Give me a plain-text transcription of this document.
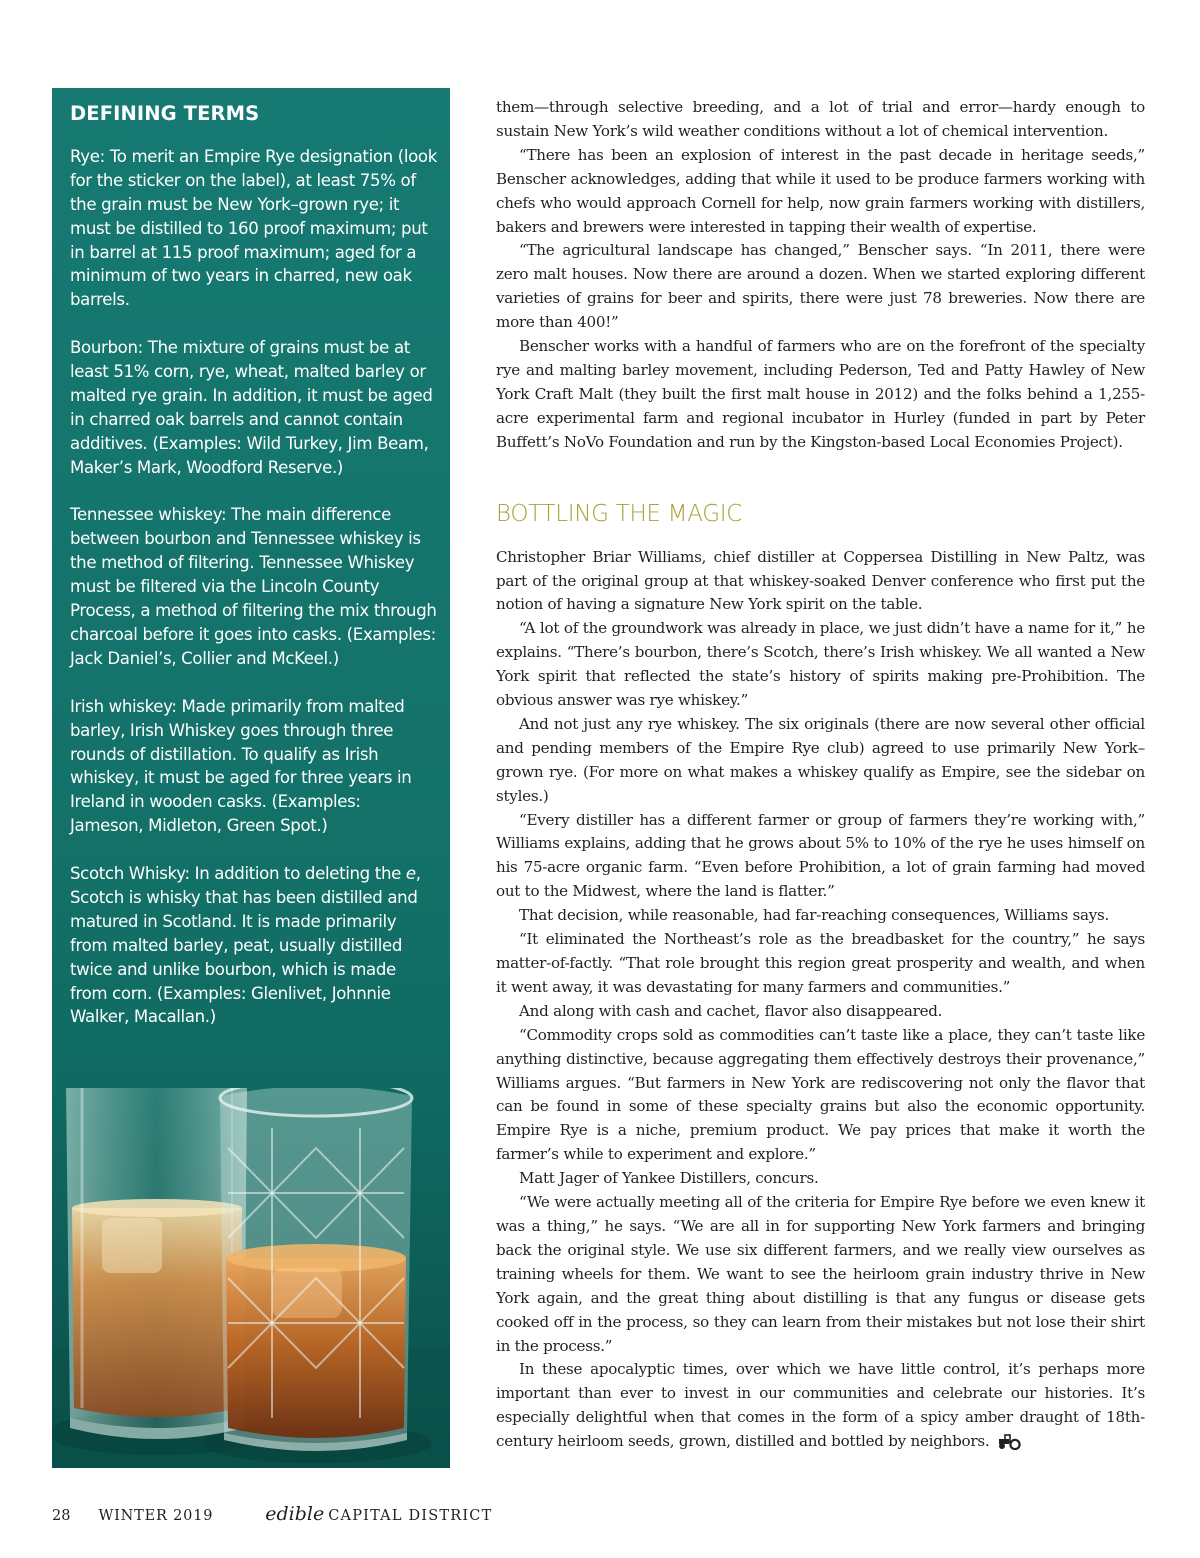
DEFINING TERMS
Rye: To merit an Empire Rye designation (look for the sticker on the label), at least 75% of the grain must be New York–grown rye; it must be distilled to 160 proof maximum; put in barrel at 115 proof maximum; aged for a minimum of two years in charred, new oak barrels.
Bourbon: The mixture of grains must be at least 51% corn, rye, wheat, malted barley or malted rye grain. In addition, it must be aged in charred oak barrels and cannot contain additives. (Examples: Wild Turkey, Jim Beam, Maker’s Mark, Woodford Reserve.)
Tennessee whiskey: The main difference between bourbon and Tennessee whiskey is the method of filtering. Tennessee Whiskey must be filtered via the Lincoln County Process, a method of filtering the mix through charcoal before it goes into casks. (Examples: Jack Daniel’s, Collier and McKeel.)
Irish whiskey: Made primarily from malted barley, Irish Whiskey goes through three rounds of distillation. To qualify as Irish whiskey, it must be aged for three years in Ireland in wooden casks. (Examples: Jameson, Midleton, Green Spot.)
Scotch Whisky: In addition to deleting the e, Scotch is whisky that has been distilled and matured in Scotland. It is made primarily from malted barley, peat, usually distilled twice and unlike bourbon, which is made from corn. (Examples: Glenlivet, Johnnie Walker, Macallan.)

them—through selective breeding, and a lot of trial and error—hardy enough to sustain New York’s wild weather conditions without a lot of chemical intervention.

“There has been an explosion of interest in the past decade in heritage seeds,” Benscher acknowledges, adding that while it used to be produce farmers working with chefs who would approach Cornell for help, now grain farmers working with distillers, bakers and brewers were interested in tapping their wealth of expertise.

“The agricultural landscape has changed,” Benscher says. “In 2011, there were zero malt houses. Now there are around a dozen. When we started exploring different varieties of grains for beer and spirits, there were just 78 breweries. Now there are more than 400!”

Benscher works with a handful of farmers who are on the forefront of the specialty rye and malting barley movement, including Pederson, Ted and Patty Hawley of New York Craft Malt (they built the first malt house in 2012) and the folks behind a 1,255-acre experimental farm and regional incubator in Hurley (funded in part by Peter Buffett’s NoVo Foundation and run by the Kingston-based Local Economies Project).

BOTTLING THE MAGIC

Christopher Briar Williams, chief distiller at Coppersea Distilling in New Paltz, was part of the original group at that whiskey-soaked Denver conference who first put the notion of having a signature New York spirit on the table.

“A lot of the groundwork was already in place, we just didn’t have a name for it,” he explains. “There’s bourbon, there’s Scotch, there’s Irish whiskey. We all wanted a New York spirit that reflected the state’s history of spirits making pre-Prohibition. The obvious answer was rye whiskey.”

And not just any rye whiskey. The six originals (there are now several other official and pending members of the Empire Rye club) agreed to use primarily New York–grown rye. (For more on what makes a whiskey qualify as Empire, see the sidebar on styles.)

“Every distiller has a different farmer or group of farmers they’re working with,” Williams explains, adding that he grows about 5% to 10% of the rye he uses himself on his 75-acre organic farm. “Even before Prohibition, a lot of grain farming had moved out to the Midwest, where the land is flatter.”

That decision, while reasonable, had far-reaching consequences, Williams says.

“It eliminated the Northeast’s role as the breadbasket for the country,” he says matter-of-factly. “That role brought this region great prosperity and wealth, and when it went away, it was devastating for many farmers and communities.”

And along with cash and cachet, flavor also disappeared.

“Commodity crops sold as commodities can’t taste like a place, they can’t taste like anything distinctive, because aggregating them effectively destroys their provenance,” Williams argues. “But farmers in New York are rediscovering not only the flavor that can be found in some of these specialty grains but also the economic opportunity. Empire Rye is a niche, premium product. We pay prices that make it worth the farmer’s while to experiment and explore.”

Matt Jager of Yankee Distillers, concurs.

“We were actually meeting all of the criteria for Empire Rye before we even knew it was a thing,” he says. “We are all in for supporting New York farmers and bringing back the original style. We use six different farmers, and we really view ourselves as training wheels for them. We want to see the heirloom grain industry thrive in New York again, and the great thing about distilling is that any fungus or disease gets cooked off in the process, so they can learn from their mistakes but not lose their shirt in the process.”

In these apocalyptic times, over which we have little control, it’s perhaps more important than ever to invest in our communities and celebrate our histories. It’s especially delightful when that comes in the form of a spicy amber draught of 18th-century heirloom seeds, grown, distilled and bottled by neighbors.

28 WINTER 2019	edible CAPITAL DISTRICT
